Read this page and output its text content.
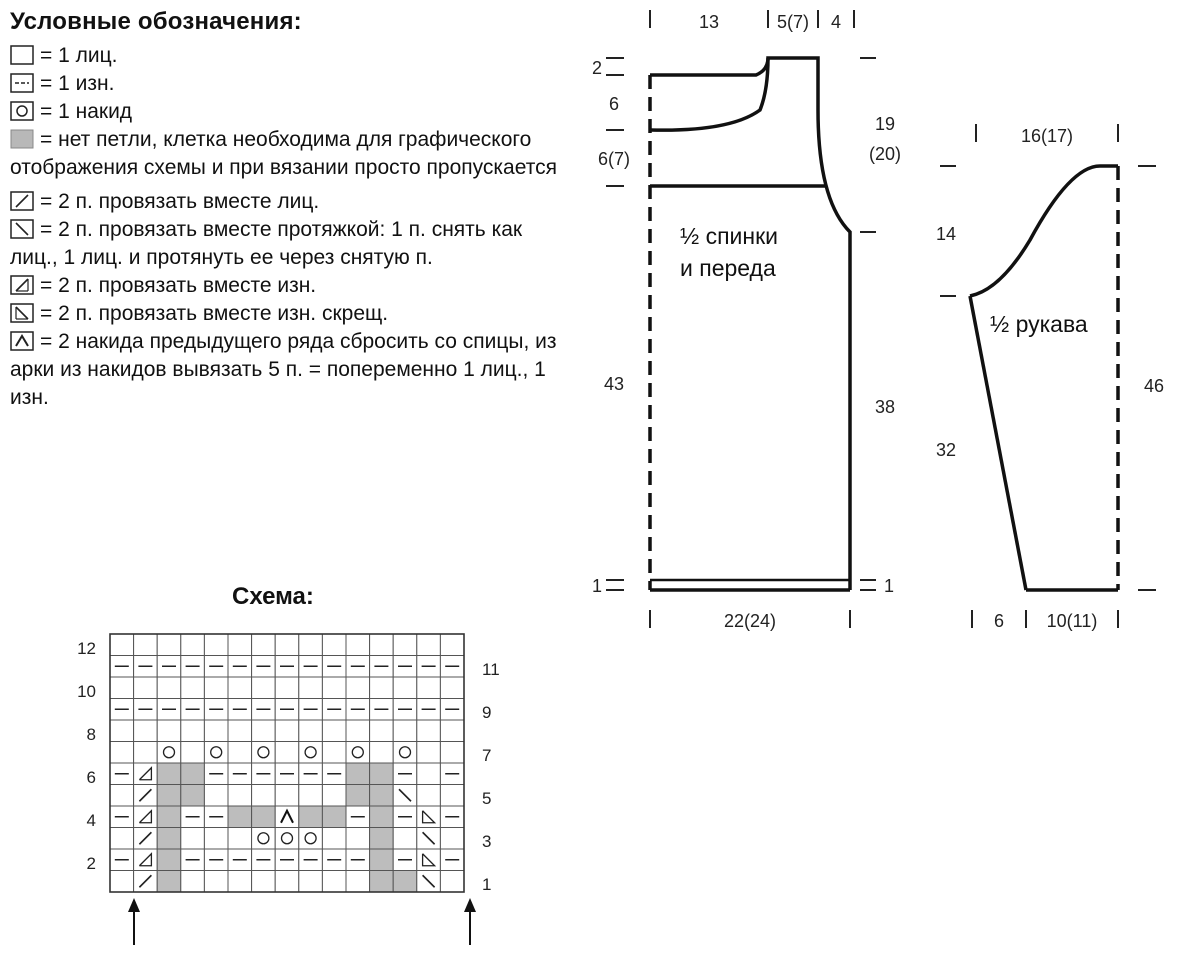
Условные обозначения:
= 1 лиц.
= 1 изн.
= 1 накид
= нет петли, клетка необходима для графического отображения схемы и при вязании просто пропускается
= 2 п. провязать вместе лиц.
= 2 п. провязать вместе протяжкой: 1 п. снять как лиц., 1 лиц. и протянуть ее через снятую п.
= 2 п. провязать вместе изн.
= 2 п. провязать вместе изн. скрещ.
= 2 накида предыдущего ряда сбросить со спицы, из арки из накидов вывязать 5 п. = попеременно 1 лиц., 1 изн.
Схема:
12
10
8
6
4
2
11
9
7
5
3
1
13	5(7) 4
2
6
6(7)
43
1
½ спинки
и переда
19
(20)
38
1
22(24)
16(17)
14
32
½ рукава
46
6 10(11)
